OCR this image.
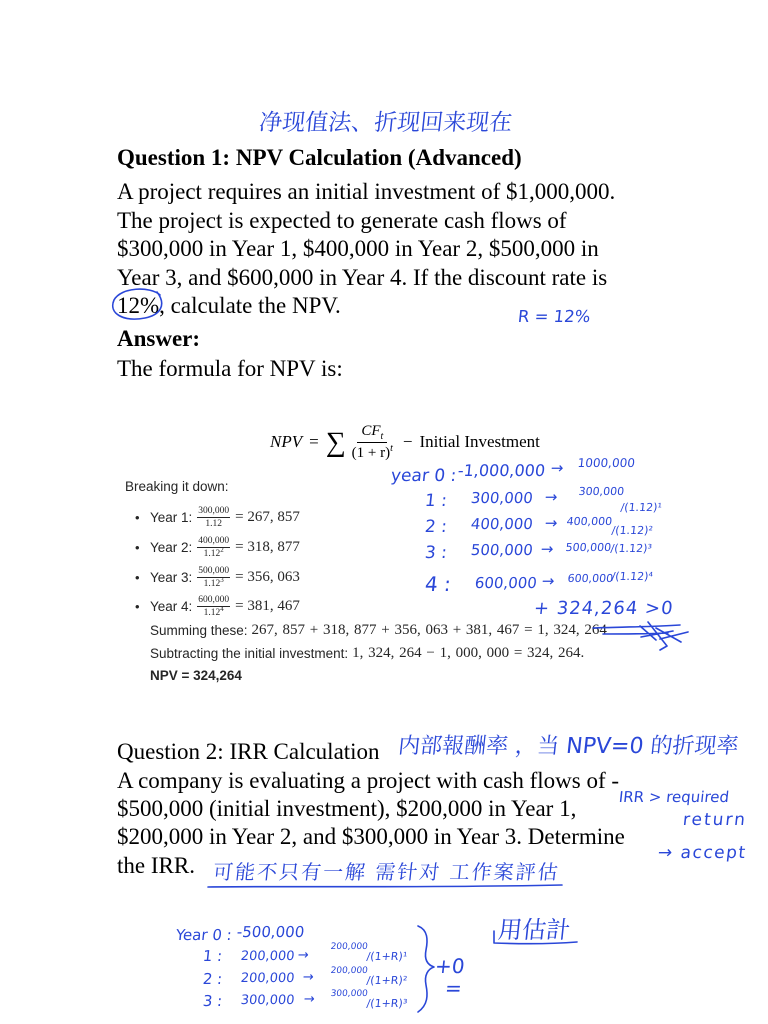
Question 1: NPV Calculation (Advanced)
A project requires an initial investment of $1,000,000.
The project is expected to generate cash flows of
$300,000 in Year 1, $400,000 in Year 2, $500,000 in
Year 3, and $600,000 in Year 4. If the discount rate is
12%, calculate the NPV.
Answer:
The formula for NPV is:
NPV = ∑ $\frac{CF_t}{(1 + r)^t}$ − Initial Investment
Breaking it down:
• Year 1: $\frac{300,000}{1.12} = 267$, 857
• Year 2: $\frac{400,000}{1.12^2} = 318$, 877
• Year 3: $\frac{500,000}{1.12^3} = 356$, 063
• Year 4: $\frac{600,000}{1.12^4} = 381$, 467
Summing these: 267, 857 + 318, 877 + 356, 063 + 381, 467 = 1, 324, 264
Subtracting the initial investment: 1, 324, 264 − 1, 000, 000 = 324, 264.
NPV = 324,264
Question 2: IRR Calculation
A company is evaluating a project with cash flows of -
$500,000 (initial investment), $200,000 in Year 1,
$200,000 in Year 2, and $300,000 in Year 3. Determine
the IRR.
净现值法、折现回来现在
R = 12%
year 0 : -1,000,000 → 1000,000
1 : 300,000 → 300,000
/(1.12)¹
2 : 400,000 → 400,000
/(1.12)²
3 : 500,000 → 500,000
/(1.12)³
4 : 600,000 → 600,000
/(1.12)⁴
+ 324,264 >0
内部報酬率 ，当 NPV=0 的折现率
IRR > required
return
→ accept
可能不只有一解 需针对 工作案評估
用估計
Year 0 : -500,000
1 : 200,000 →
200,000
/(1+R)¹
2 : 200,000 → 200,000
/(1+R)²
3 : 300,000 → 300,000
/(1+R)³
+0
=
